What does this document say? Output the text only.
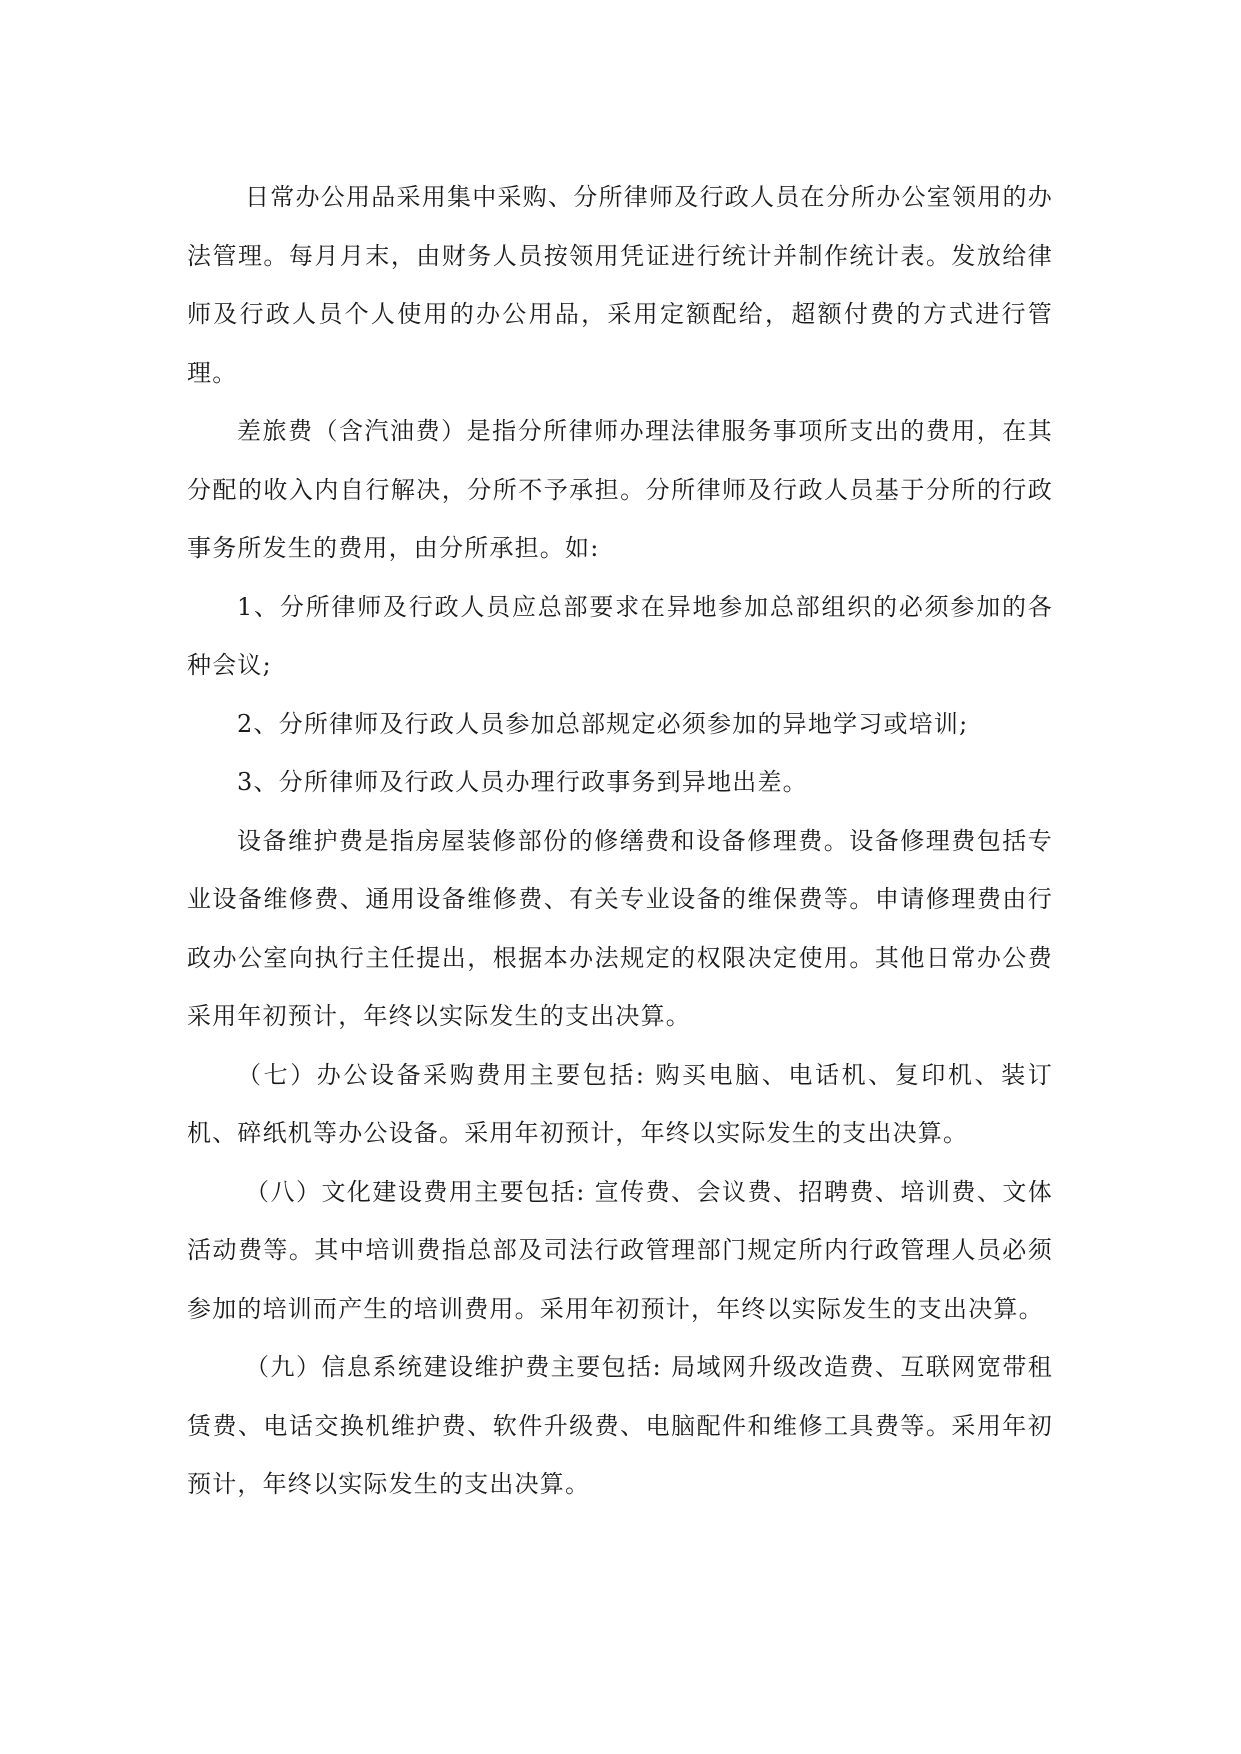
日常办公用品采用集中采购、分所律师及行政人员在分所办公室领用的办法管理。每月月末，由财务人员按领用凭证进行统计并制作统计表。发放给律师及行政人员个人使用的办公用品，采用定额配给，超额付费的方式进行管理。

差旅费（含汽油费）是指分所律师办理法律服务事项所支出的费用，在其分配的收入内自行解决，分所不予承担。分所律师及行政人员基于分所的行政事务所发生的费用，由分所承担。如:

1、分所律师及行政人员应总部要求在异地参加总部组织的必须参加的各种会议;

2、分所律师及行政人员参加总部规定必须参加的异地学习或培训;

3、分所律师及行政人员办理行政事务到异地出差。

设备维护费是指房屋装修部份的修缮费和设备修理费。设备修理费包括专业设备维修费、通用设备维修费、有关专业设备的维保费等。申请修理费由行政办公室向执行主任提出，根据本办法规定的权限决定使用。其他日常办公费采用年初预计，年终以实际发生的支出决算。

（七）办公设备采购费用主要包括: 购买电脑、电话机、复印机、装订机、碎纸机等办公设备。采用年初预计，年终以实际发生的支出决算。

（八）文化建设费用主要包括: 宣传费、会议费、招聘费、培训费、文体活动费等。其中培训费指总部及司法行政管理部门规定所内行政管理人员必须参加的培训而产生的培训费用。采用年初预计，年终以实际发生的支出决算。

（九）信息系统建设维护费主要包括: 局域网升级改造费、互联网宽带租赁费、电话交换机维护费、软件升级费、电脑配件和维修工具费等。采用年初预计，年终以实际发生的支出决算。
